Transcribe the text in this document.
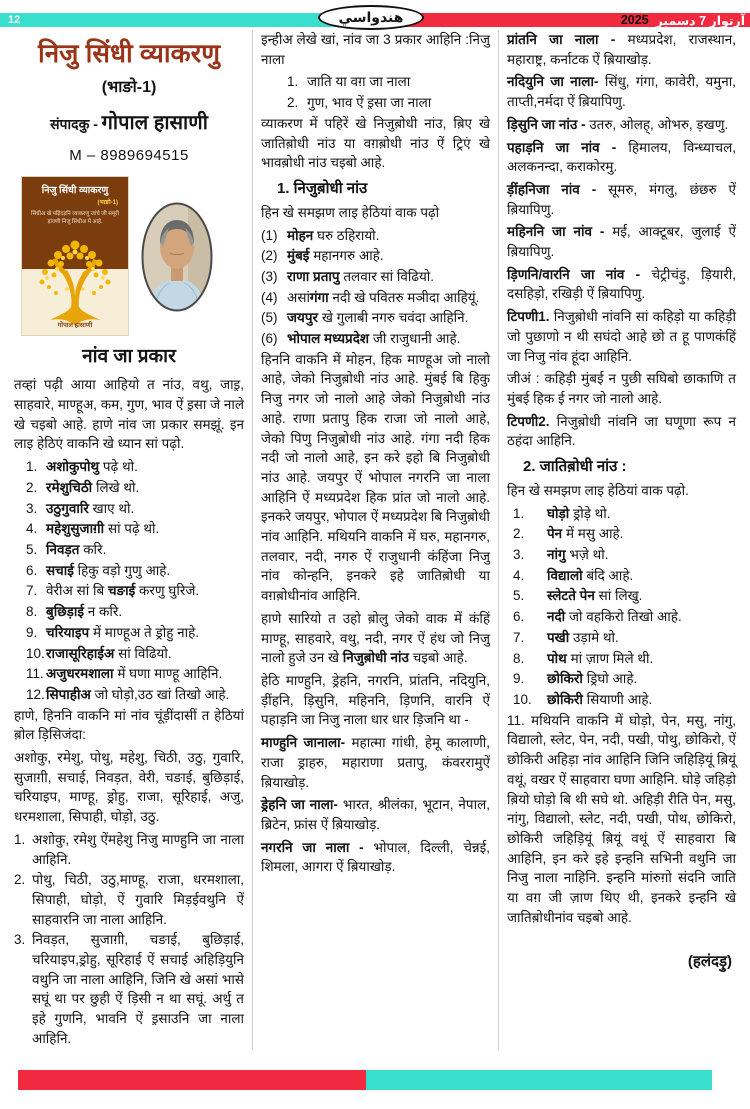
12	هندواسي	2025 آرتوار 7 دسمبر
निजु सिंधी व्याकरणु
(भाङो-1)
संपादकु - गोपाल हासाणी
M – 8989694515
निजु सिंधी व्याकरणु
(भाङो-1)
सिंधीअ खे पढ़िंदड़नि व्याकरणु जांचे जी समूरी
ड़ांवणी निजु सिंधीअ में आहे.
गोपाल हासाणी
नांव जा प्रकार

तव्हां पढ़ी आया आहियो त नांउ, वथु, जाइ़, साहवारे, माण्हूअ, कम, गुण, भाव ऐं इ़सा जे नाले खे चइबो आहे. हाणे नांव जा प्रकार समझूं. इन लाइ हेठिएं वाकनि खे ध्यान सां पढ़ो.

1. अशोकुपोथु पढ़े थो.
2. रमेशुचिठी लिखे थो.
3. उठुगुवारि खाए थो.
4. महेशुसुजाग़ी सां पढ़े थो.
5. निवड़त करि.
6. सचाई हिकु वड़ो गुणु आहे.
7. वेरीअ सां बि चङाई करणु घुरिजे.
8. बुछिड़ाई न करि.
9. चरियाइप में माण्हूअ ते ड्रोहु नाहे.
10. राजासूरिहाईअ सां विढियो.
11. अजुधरमशाला में घणा माण्हू आहिनि.
12. सिपाहीअ जो घोड़ो,उठ खां तिखो आहे.

हाणे, हिननि वाकनि मां नांव चूंड़ींदासीं त हेठियां ब़ोल ड़िसिजंदा:

अशोकु, रमेशु, पोथु, महेशु, चिठी, उठु, गुवारि, सुजाग़ी, सचाई, निवड़त, वेरी, चङाई, बुछिड़ाई, चरियाइप, माण्हू, ड्रोहु, राजा, सूरिहाई, अजु, धरमशाला, सिपाही, घोड़ो, उठु.

1. अशोकु, रमेशु ऐंमहेशु निजु माण्हुनि जा नाला आहिनि.
2. पोथु, चिठी, उठु,माण्हू, राजा, धरमशाला, सिपाही, घोड़ो, ऐं गुवारि मिड़ईवथुनि ऐं साहवारनि जा नाला आहिनि.
3. निवड़त, सुजाग़ी, चङाई, बुछिड़ाई, चरियाइप,ड्रोहु, सूरिहाई ऐं सचाई अहिड़ियुनि वथुनि जा नाला आहिनि, जिनि खे असां भासे सघूं था पर छुही ऐं ड़िसी न था सघूं. अर्थु त इहे गुणनि, भावनि ऐं इ़साउनि जा नाला आहिनि.

इन्हीअ लेखे खां, नांव जा 3 प्रकार आहिनि :निजु नाला

1. जाति या वग़ जा नाला
2. गुण, भाव ऐं इ़सा जा नाला

व्याकरण में पहिरें खे निजुब़ोधी नांउ, ब़िए खे जातिब़ोधी नांउ या वग़ब़ोधी नांउ ऐं ट्रिएं खे भावब़ोधी नांउ चइबो आहे.

1. निजुब़ोधी नांउ

हिन खे समझण लाइ हेठियां वाक पढ़ो

(1) मोहन घरु ठहिरायो.
(2) मुंबई महानगरु आहे.
(3) राणा प्रतापु तलवार सां विढियो.
(4) असांगंगा नदी खे पवितरु मञीदा आहियूं.
(5) जयपुर खे गुलाबी नगरु चवंदा आहिनि.
(6) भोपाल मध्यप्रदेश जी राजुधानी आहे.

हिननि वाकनि में मोहन, हिक माण्हूअ जो नालो आहे, जेको निजुब़ोधी नांउ आहे. मुंबई बि हिकु निजु नगर जो नालो आहे जेको निजुब़ोधी नांउ आहे. राणा प्रतापु हिक राजा जो नालो आहे, जेको पिणु निजुब़ोधी नांउ आहे. गंगा नदी हिक नदी जो नालो आहे, इन करे इहो बि निजुब़ोधी नांउ आहे. जयपुर ऐं भोपाल नगरनि जा नाला आहिनि ऐं मध्यप्रदेश हिक प्रांत जो नालो आहे. इनकरे जयपुर, भोपाल ऐं मध्यप्रदेश बि निजुब़ोधी नांव आहिनि. मथियनि वाकनि में घरु, महानगरु, तलवार, नदी, नगरु ऐं राजुधानी कंहिंजा निजु नांव कोन्हनि, इनकरे इहे जातिब़ोधी या वग़ब़ोधीनांव आहिनि.

हाणे सारियो त उहो ब़ोलु जेको वाक में कंहिं माण्हू, साहवारे, वथु, नदी, नगर ऐं हंध जो निजु नालो हुजे उन खे निजुब़ोधी नांउ चइबो आहे.

हेठि माण्हुनि, ड्रेहनि, नगरनि, प्रांतनि, नदियुनि, ड़ींहनि, ड़िसुनि, महिननि, ड़िणनि, वारनि ऐं पहाड़नि जा निजु नाला धार धार ड़िजनि था -

माण्हुनि जानाला- महात्मा गांधी, हेमू कालाणी, राजा ड्राहरु, महाराणा प्रतापु, कंवररामुऐं ब़ियाखोड़.

ड्रेहनि जा नाला- भारत, श्रीलंका, भूटान, नेपाल, ब्रिटेन, फ्रांस ऐं ब़ियाखोड़.

नगरनि जा नाला - भोपाल, दिल्ली, चेन्नई, शिमला, आगरा ऐं ब़ियाखोड़.

प्रांतनि जा नाला - मध्यप्रदेश, राजस्थान, महाराष्ट्र, कर्नाटक ऐं ब़ियाखोड़.

नदियुनि जा नाला- सिंधु, गंगा, कावेरी, यमुना, ताप्ती,नर्मदा ऐं ब़ियापिणु.

ड़िसुनि जा नांउ - उतरु, ओलह्, ओभरु, ड़खणु.

पहाड़नि जा नांव - हिमालय, विन्ध्याचल, अलकनन्दा, कराकोरमु.

ड़ींहनिजा नांव - सूमरु, मंगलु, छंछरु ऐं ब़ियापिणु.

महिननि जा नांव - मई, आक्टूबर, जुलाई ऐं ब़ियापिणु.

ड़िणनि/वारनि जा नांव - चेट्रीचंड़ु, ड़ियारी, दसहिड़ो, रखिड़ी ऐं ब़ियापिणु.

टिपणी1. निजुब़ोधी नांवनि सां कहिड़ो या कहिड़ी जो पुछाणो न थी सघंदो आहे छो त हू पाणकंहिं जा निजु नांव हूंदा आहिनि.

जीअं : कहिड़ी मुंबई न पुछी सघिबो छाकाणि त मुंबई हिक ई नगर जो नालो आहे.

टिपणी2. निजुब़ोधी नांवनि जा घणूणा रूप न ठहंदा आहिनि.

2. जातिब़ोधी नांउ :

हिन खे समझण लाइ हेठियां वाक पढ़ो.

1. घोड़ो ड्रोड़े थो.
2. पेन में मसु आहे.
3. नांगु भज़े थो.
4. विद्यालो बंदि आहे.
5. स्लेटते पेन सां लिखु.
6. नदी जो वहकिरो तिखो आहे.
7. पखी उड़ामे थो.
8. पोथ मां ज़ाण मिले थी.
9. छोकिरो ड्रिघो आहे.
10. छोकिरी सियाणी आहे.

11. मथियनि वाकनि में घोड़ो, पेन, मसु, नांगु, विद्यालो, स्लेट, पेन, नदी, पखी, पोथु, छोकिरो, ऐं छोकिरी अहिड़ा नांव आहिनि जिनि जहिड़ियूं ब़ियूं वथूं, वखर ऐं साहवारा घणा आहिनि. घोड़े जहिड़ो ब़ियो घोड़ो बि थी सघे थो. अहिड़ी रीति पेन, मसु, नांगु, विद्यालो, स्लेट, नदी, पखी, पोथ, छोकिरो, छोकिरी जहिड़ियूं ब़ियूं वथूं ऐं साहवारा बि आहिनि, इन करे इहे इन्हनि सभिनी वथुनि जा निजु नाला नाहिनि. इन्हनि मांरुग़ो संदनि जाति या वग़ जी ज़ाण थिए थी, इनकरे इन्हनि खे जातिब़ोधीनांव चइबो आहे.

(हलंदड़ु)
